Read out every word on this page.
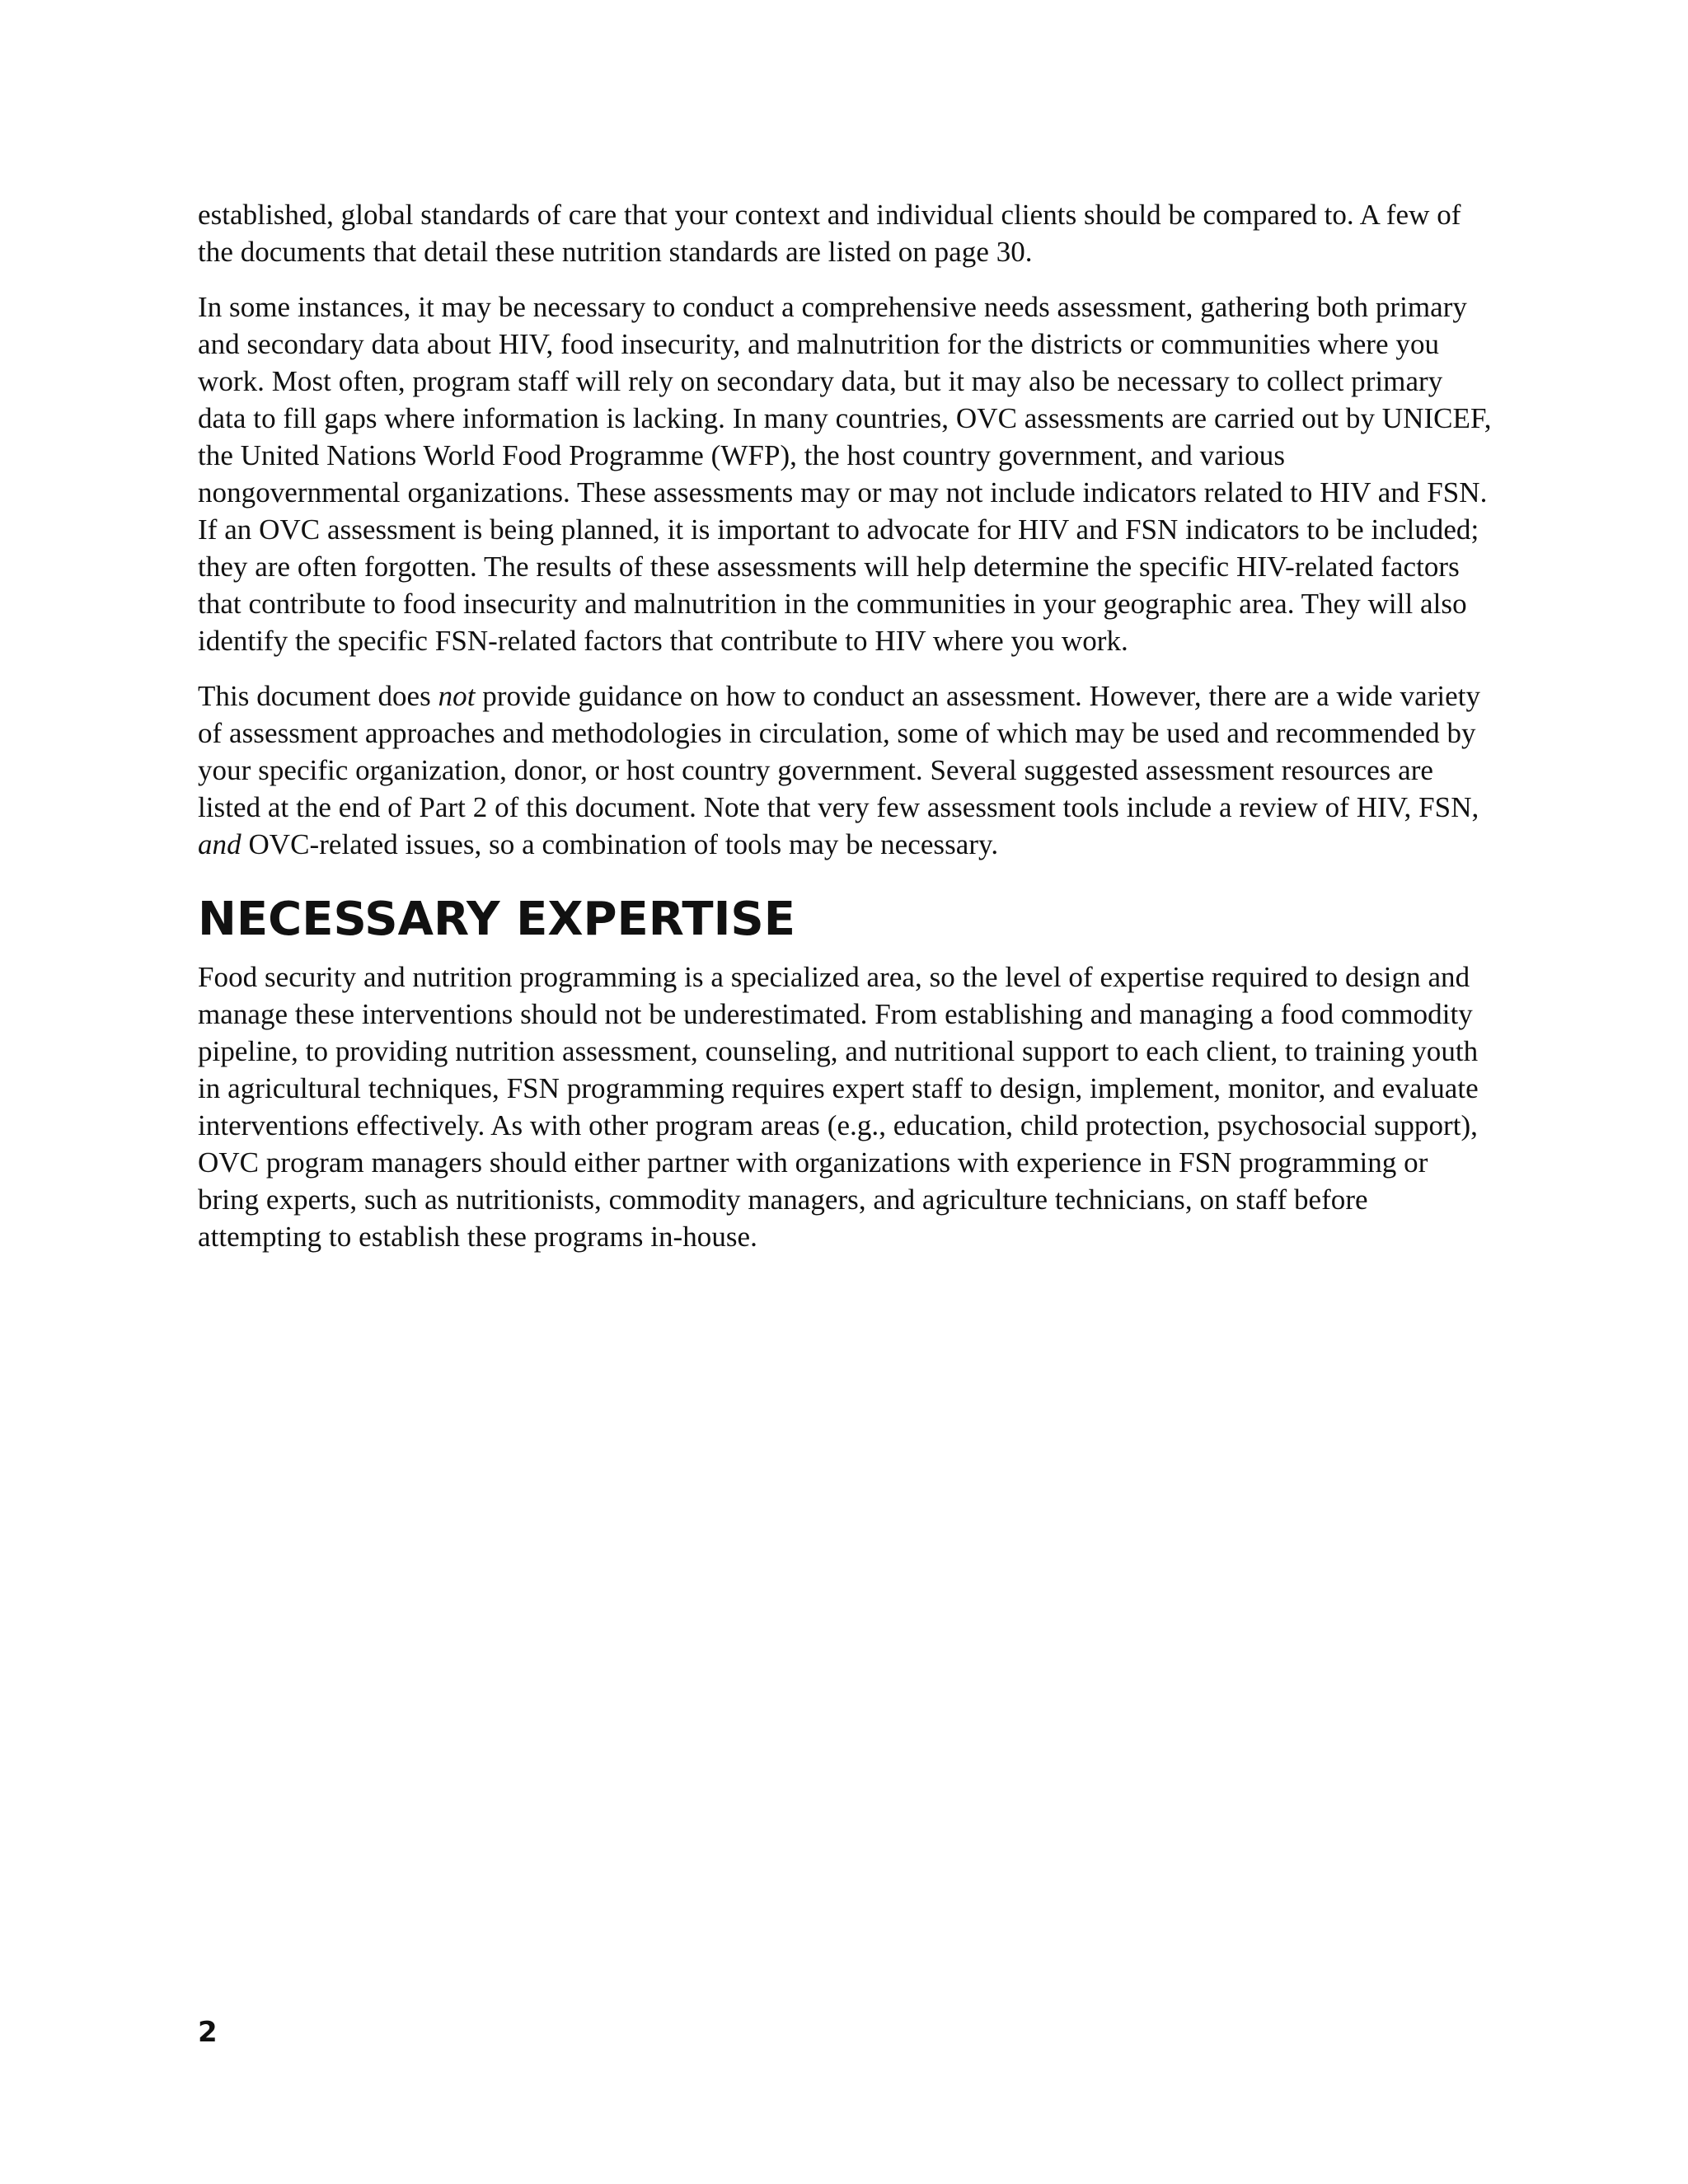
established, global standards of care that your context and individual clients should be compared to. A few of the documents that detail these nutrition standards are listed on page 30.

In some instances, it may be necessary to conduct a comprehensive needs assessment, gathering both primary and secondary data about HIV, food insecurity, and malnutrition for the districts or communities where you work. Most often, program staff will rely on secondary data, but it may also be necessary to collect primary data to fill gaps where information is lacking. In many countries, OVC assessments are carried out by UNICEF, the United Nations World Food Programme (WFP), the host country government, and various nongovernmental organizations. These assessments may or may not include indicators related to HIV and FSN. If an OVC assessment is being planned, it is important to advocate for HIV and FSN indicators to be included; they are often forgotten. The results of these assessments will help determine the specific HIV-related factors that contribute to food insecurity and malnutrition in the communities in your geographic area. They will also identify the specific FSN-related factors that contribute to HIV where you work.

This document does not provide guidance on how to conduct an assessment. However, there are a wide variety of assessment approaches and methodologies in circulation, some of which may be used and recommended by your specific organization, donor, or host country government. Several suggested assessment resources are listed at the end of Part 2 of this document. Note that very few assessment tools include a review of HIV, FSN, and OVC-related issues, so a combination of tools may be necessary.

NECESSARY EXPERTISE

Food security and nutrition programming is a specialized area, so the level of expertise required to design and manage these interventions should not be underestimated. From establishing and managing a food commodity pipeline, to providing nutrition assessment, counseling, and nutritional support to each client, to training youth in agricultural techniques, FSN programming requires expert staff to design, implement, monitor, and evaluate interventions effectively. As with other program areas (e.g., education, child protection, psychosocial support), OVC program managers should either partner with organizations with experience in FSN programming or bring experts, such as nutritionists, commodity managers, and agriculture technicians, on staff before attempting to establish these programs in-house.

2
